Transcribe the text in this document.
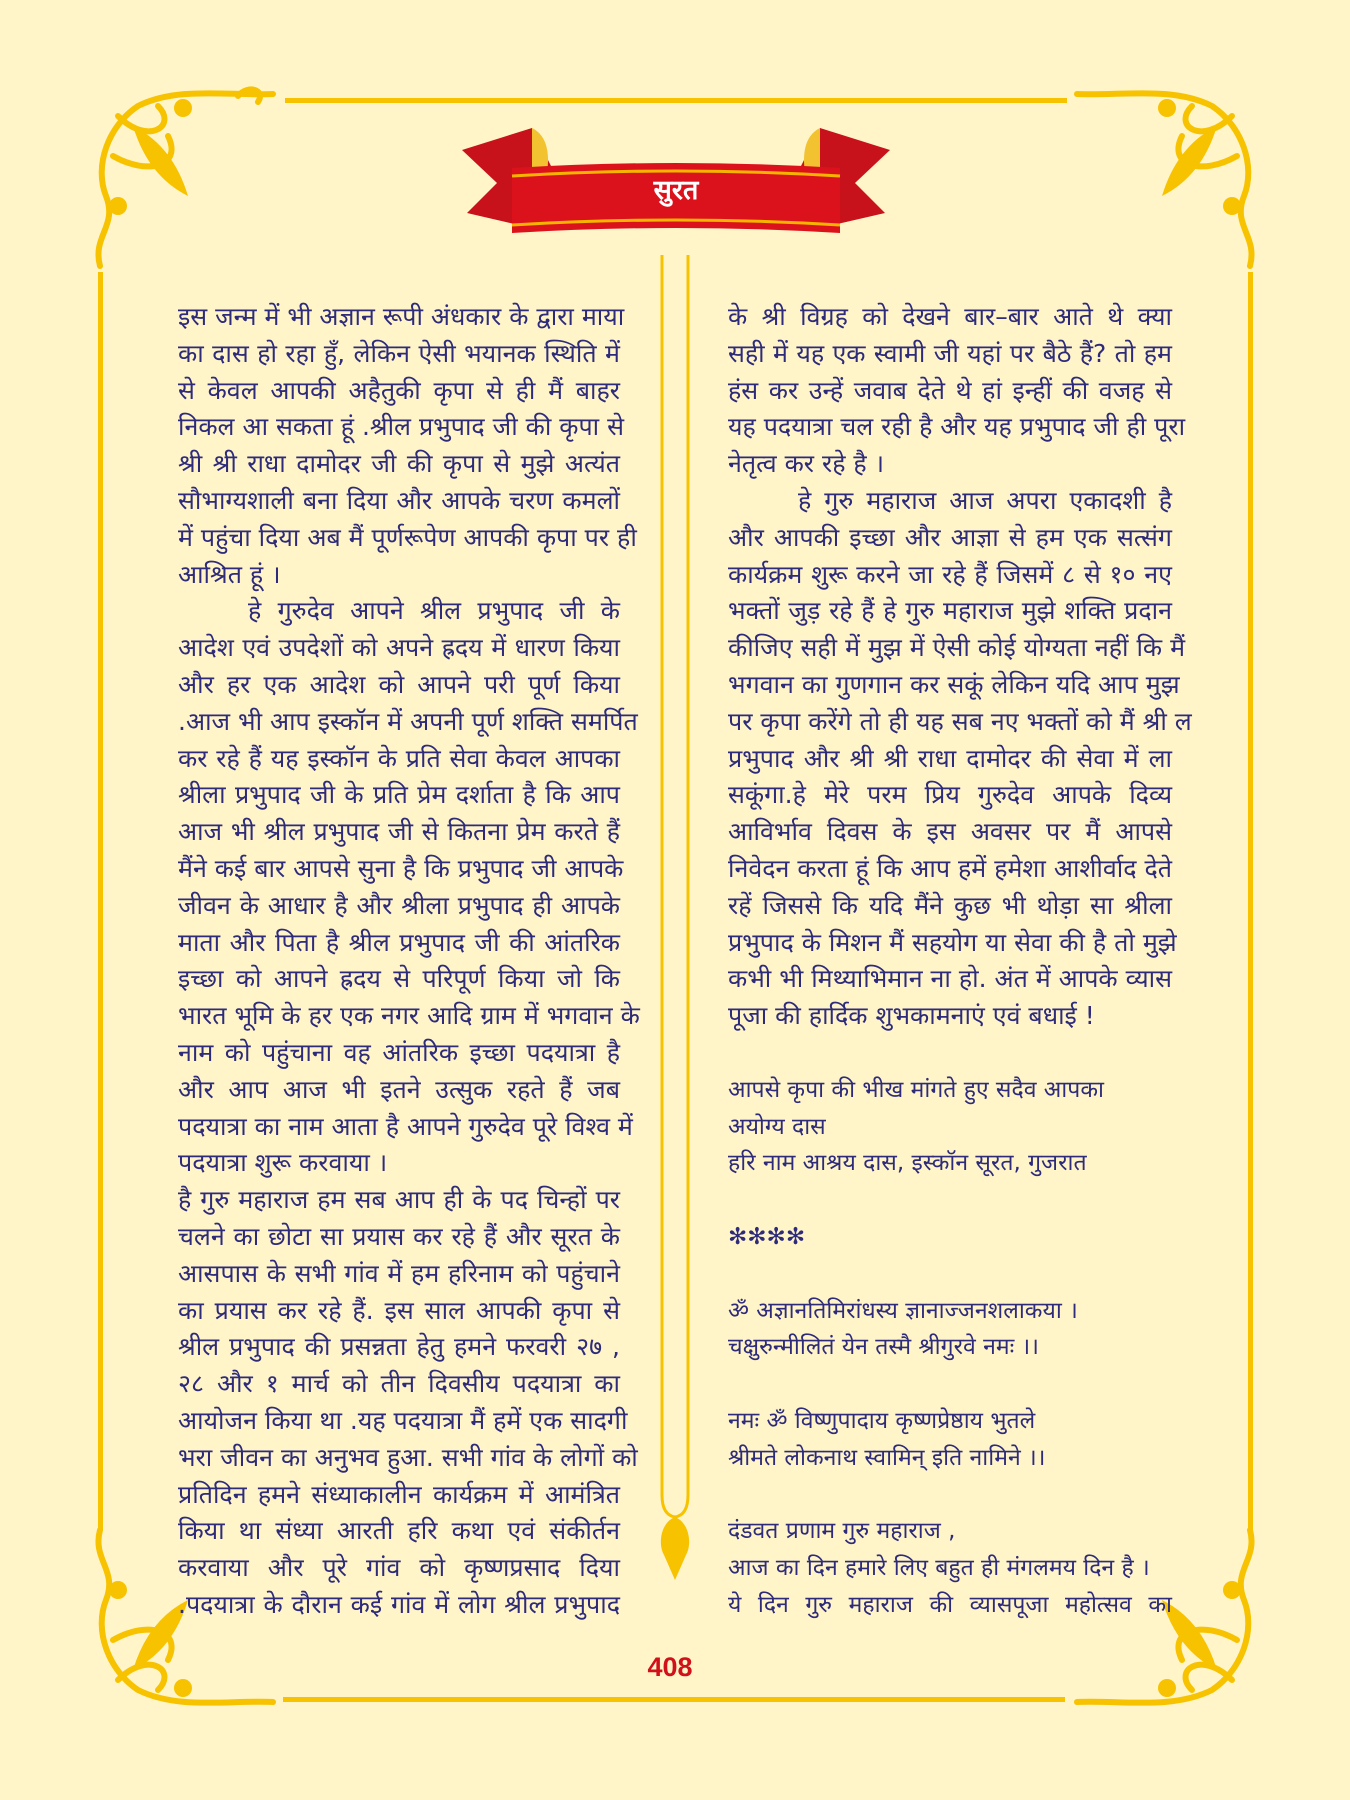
सुरत
इस जन्म में भी अज्ञान रूपी अंधकार के द्वारा माया
का दास हो रहा हुँ, लेकिन ऐसी भयानक स्थिति में
से केवल आपकी अहैतुकी कृपा से ही मैं बाहर
निकल आ सकता हूं .श्रील प्रभुपाद जी की कृपा से
श्री श्री राधा दामोदर जी की कृपा से मुझे अत्यंत
सौभाग्यशाली बना दिया और आपके चरण कमलों
में पहुंचा दिया अब मैं पूर्णरूपेण आपकी कृपा पर ही
आश्रित हूं ।
हे गुरुदेव आपने श्रील प्रभुपाद जी के
आदेश एवं उपदेशों को अपने ह्रदय में धारण किया
और हर एक आदेश को आपने परी पूर्ण किया
.आज भी आप इस्कॉन में अपनी पूर्ण शक्ति समर्पित
कर रहे हैं यह इस्कॉन के प्रति सेवा केवल आपका
श्रीला प्रभुपाद जी के प्रति प्रेम दर्शाता है कि आप
आज भी श्रील प्रभुपाद जी से कितना प्रेम करते हैं
मैंने कई बार आपसे सुना है कि प्रभुपाद जी आपके
जीवन के आधार है और श्रीला प्रभुपाद ही आपके
माता और पिता है श्रील प्रभुपाद जी की आंतरिक
इच्छा को आपने ह्रदय से परिपूर्ण किया जो कि
भारत भूमि के हर एक नगर आदि ग्राम में भगवान के
नाम को पहुंचाना वह आंतरिक इच्छा पदयात्रा है
और आप आज भी इतने उत्सुक रहते हैं जब
पदयात्रा का नाम आता है आपने गुरुदेव पूरे विश्व में
पदयात्रा शुरू करवाया ।
है गुरु महाराज हम सब आप ही के पद चिन्हों पर
चलने का छोटा सा प्रयास कर रहे हैं और सूरत के
आसपास के सभी गांव में हम हरिनाम को पहुंचाने
का प्रयास कर रहे हैं. इस साल आपकी कृपा से
श्रील प्रभुपाद की प्रसन्नता हेतु हमने फरवरी २७ ,
२८ और १ मार्च को तीन दिवसीय पदयात्रा का
आयोजन किया था .यह पदयात्रा मैं हमें एक सादगी
भरा जीवन का अनुभव हुआ. सभी गांव के लोगों को
प्रतिदिन हमने संध्याकालीन कार्यक्रम में आमंत्रित
किया था संध्या आरती हरि कथा एवं संकीर्तन
करवाया और पूरे गांव को कृष्णप्रसाद दिया
.पदयात्रा के दौरान कई गांव में लोग श्रील प्रभुपाद
के श्री विग्रह को देखने बार–बार आते थे क्या
सही में यह एक स्वामी जी यहां पर बैठे हैं? तो हम
हंस कर उन्हें जवाब देते थे हां इन्हीं की वजह से
यह पदयात्रा चल रही है और यह प्रभुपाद जी ही पूरा
नेतृत्व कर रहे है ।
हे गुरु महाराज आज अपरा एकादशी है
और आपकी इच्छा और आज्ञा से हम एक सत्संग
कार्यक्रम शुरू करने जा रहे हैं जिसमें ८ से १० नए
भक्तों जुड़ रहे हैं हे गुरु महाराज मुझे शक्ति प्रदान
कीजिए सही में मुझ में ऐसी कोई योग्यता नहीं कि मैं
भगवान का गुणगान कर सकूं लेकिन यदि आप मुझ
पर कृपा करेंगे तो ही यह सब नए भक्तों को मैं श्री ल
प्रभुपाद और श्री श्री राधा दामोदर की सेवा में ला
सकूंगा.हे मेरे परम प्रिय गुरुदेव आपके दिव्य
आविर्भाव दिवस के इस अवसर पर मैं आपसे
निवेदन करता हूं कि आप हमें हमेशा आशीर्वाद देते
रहें जिससे कि यदि मैंने कुछ भी थोड़ा सा श्रीला
प्रभुपाद के मिशन मैं सहयोग या सेवा की है तो मुझे
कभी भी मिथ्याभिमान ना हो. अंत में आपके व्यास
पूजा की हार्दिक शुभकामनाएं एवं बधाई !
आपसे कृपा की भीख मांगते हुए सदैव आपका
अयोग्य दास
हरि नाम आश्रय दास, इस्कॉन सूरत, गुजरात
✻✻✻✻
ॐ अज्ञानतिमिरांधस्य ज्ञानाज्जनशलाकया ।
चक्षुरुन्मीलितं येन तस्मै श्रीगुरवे नमः ।।
नमः ॐ विष्णुपादाय कृष्णप्रेष्ठाय भुतले
श्रीमते लोकनाथ स्वामिन् इति नामिने ।।
दंडवत प्रणाम गुरु महाराज ,
आज का दिन हमारे लिए बहुत ही मंगलमय दिन है ।
ये दिन गुरु महाराज की व्यासपूजा महोत्सव का
408
